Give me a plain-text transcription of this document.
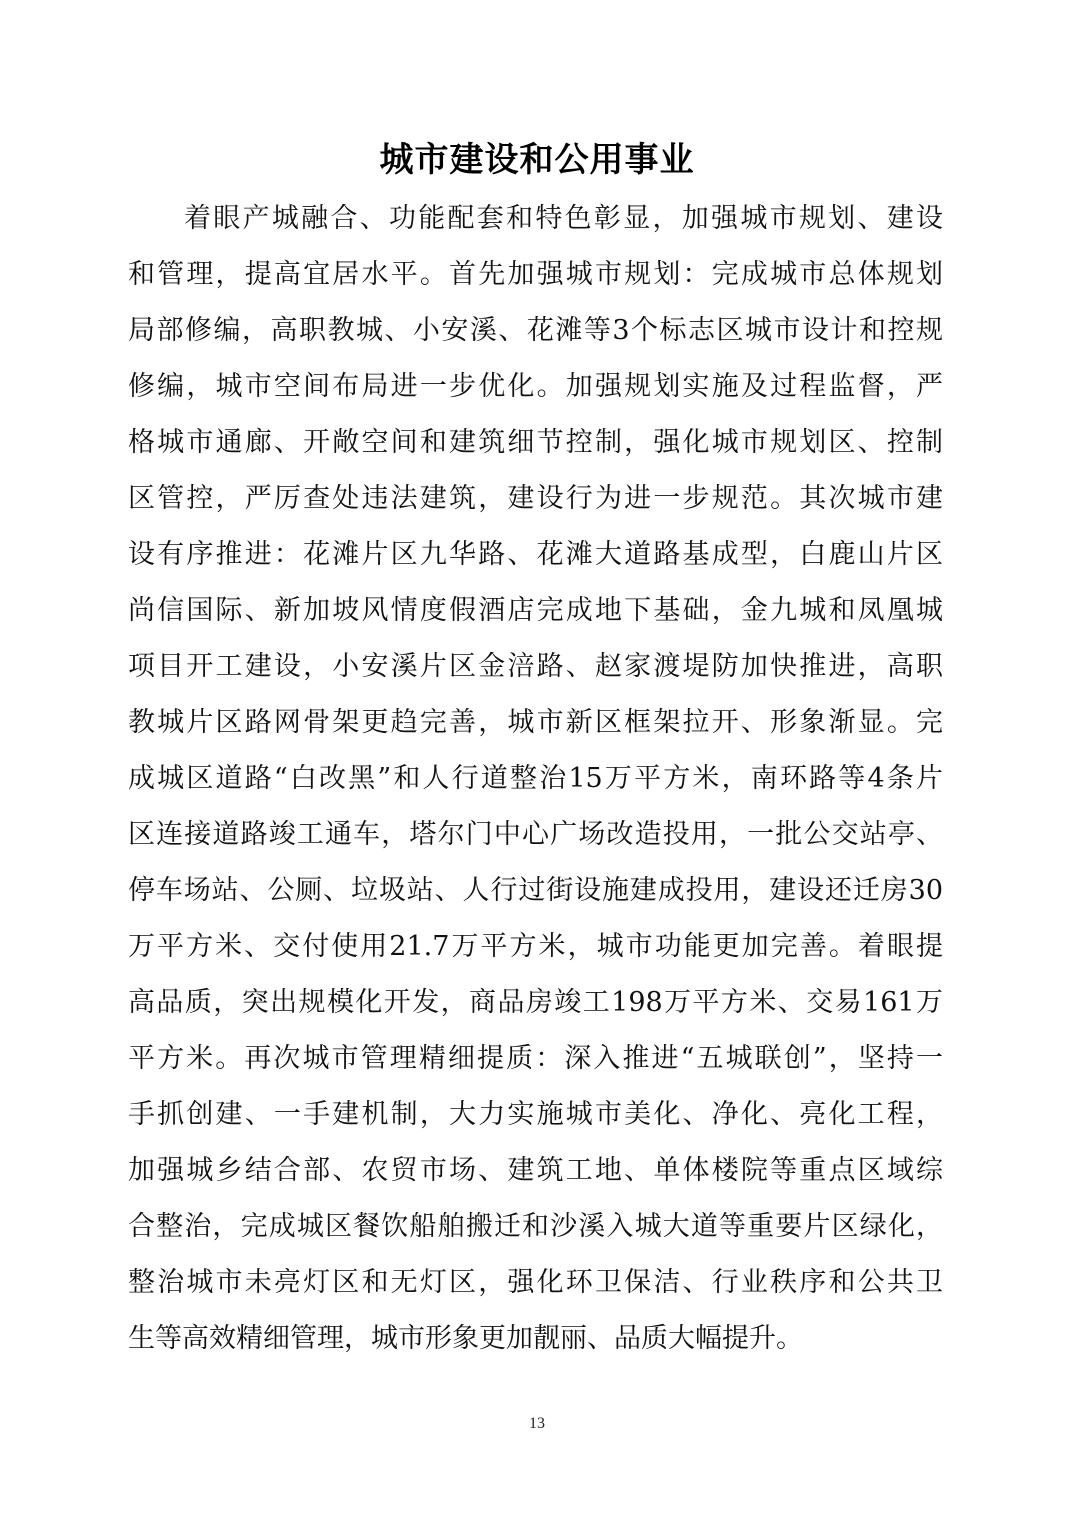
城市建设和公用事业
着眼产城融合、功能配套和特色彰显，加强城市规划、建设
和管理，提高宜居水平。首先加强城市规划：完成城市总体规划
局部修编，高职教城、小安溪、花滩等3个标志区城市设计和控规
修编，城市空间布局进一步优化。加强规划实施及过程监督，严
格城市通廊、开敞空间和建筑细节控制，强化城市规划区、控制
区管控，严厉查处违法建筑，建设行为进一步规范。其次城市建
设有序推进：花滩片区九华路、花滩大道路基成型，白鹿山片区
尚信国际、新加坡风情度假酒店完成地下基础，金九城和凤凰城
项目开工建设，小安溪片区金涪路、赵家渡堤防加快推进，高职
教城片区路网骨架更趋完善，城市新区框架拉开、形象渐显。完
成城区道路“白改黑”和人行道整治15万平方米，南环路等4条片
区连接道路竣工通车，塔尔门中心广场改造投用，一批公交站亭、
停车场站、公厕、垃圾站、人行过街设施建成投用，建设还迁房30
万平方米、交付使用21.7万平方米，城市功能更加完善。着眼提
高品质，突出规模化开发，商品房竣工198万平方米、交易161万
平方米。再次城市管理精细提质：深入推进“五城联创”，坚持一
手抓创建、一手建机制，大力实施城市美化、净化、亮化工程，
加强城乡结合部、农贸市场、建筑工地、单体楼院等重点区域综
合整治，完成城区餐饮船舶搬迁和沙溪入城大道等重要片区绿化，
整治城市未亮灯区和无灯区，强化环卫保洁、行业秩序和公共卫
生等高效精细管理，城市形象更加靓丽、品质大幅提升。
13
